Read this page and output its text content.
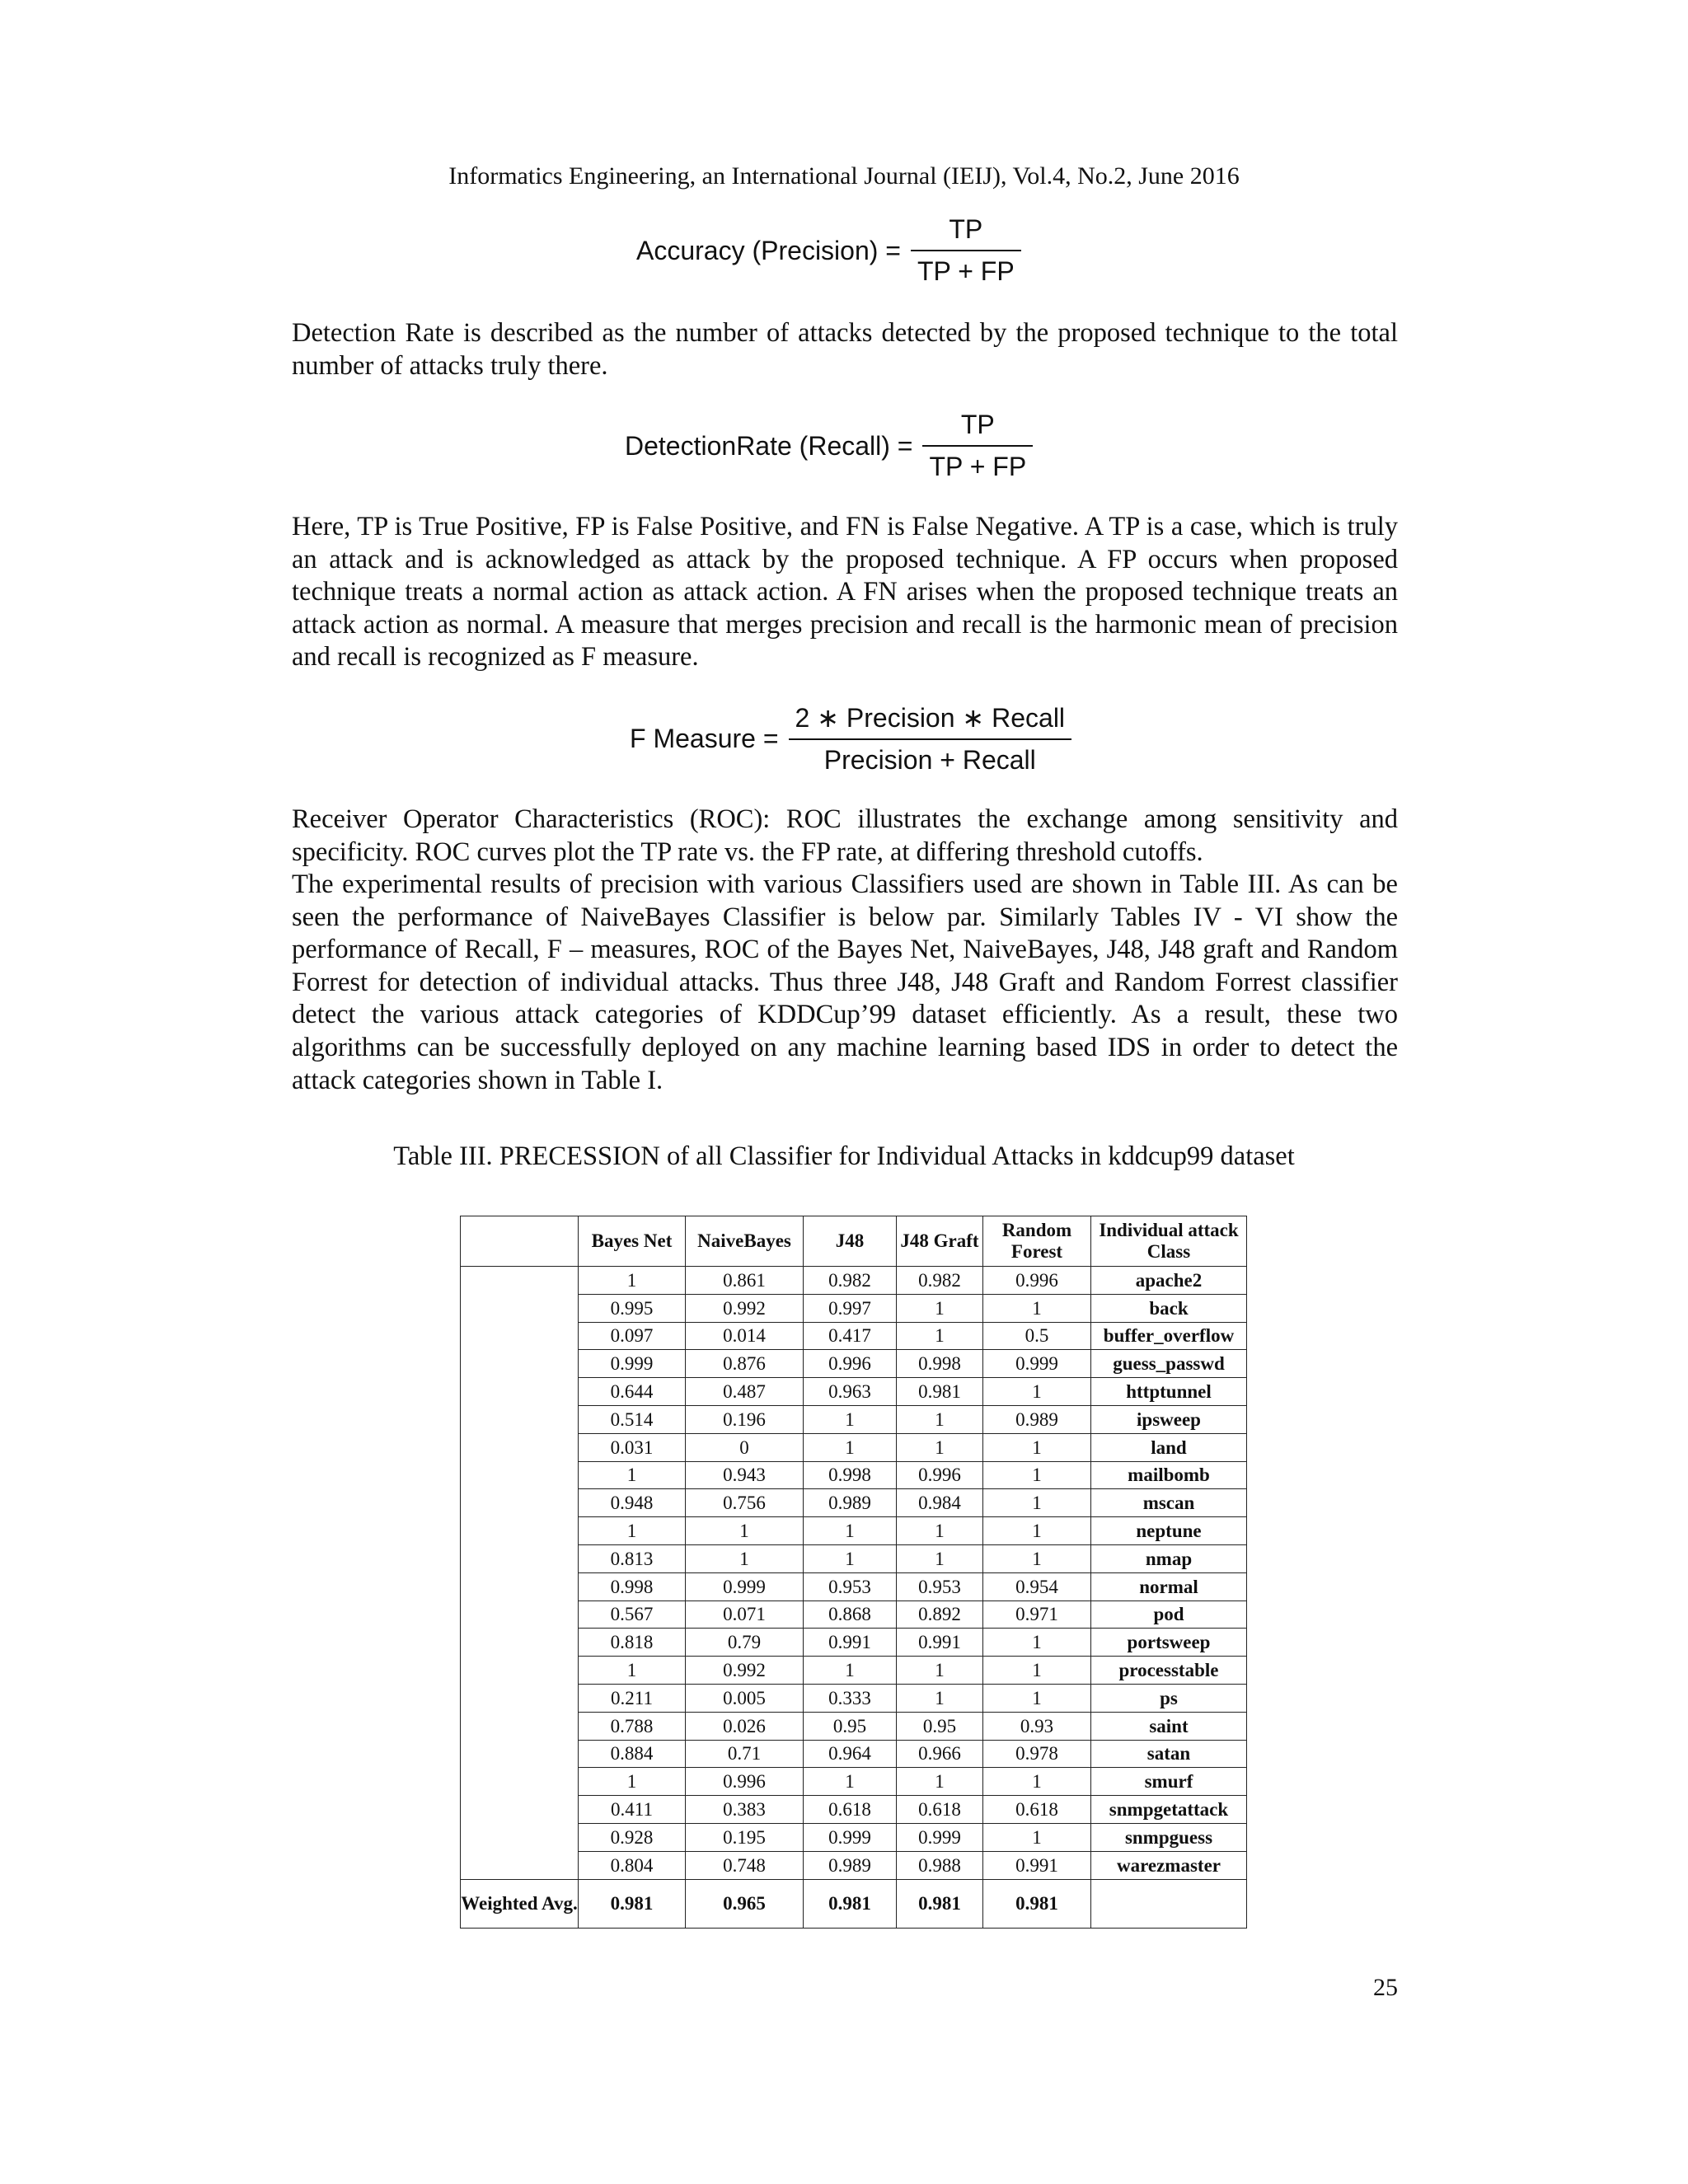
Informatics Engineering, an International Journal (IEIJ), Vol.4, No.2, June 2016
Accuracy (Precision) = $\frac{TP}{TP + FP}$
Detection Rate is described as the number of attacks detected by the proposed technique to the total number of attacks truly there.
DetectionRate (Recall) = $\frac{TP}{TP + FP}$
Here, TP is True Positive, FP is False Positive, and FN is False Negative. A TP is a case, which is truly an attack and is acknowledged as attack by the proposed technique. A FP occurs when proposed technique treats a normal action as attack action. A FN arises when the proposed technique treats an attack action as normal. A measure that merges precision and recall is the harmonic mean of precision and recall is recognized as F measure.
F Measure = $\frac{\text{2 ∗ Precision ∗ Recall}}{\text{Precision + Recall}}$
Receiver Operator Characteristics (ROC): ROC illustrates the exchange among sensitivity and specificity. ROC curves plot the TP rate vs. the FP rate, at differing threshold cutoffs.
The experimental results of precision with various Classifiers used are shown in Table III. As can be seen the performance of NaiveBayes Classifier is below par. Similarly Tables IV - VI show the performance of Recall, F – measures, ROC of the Bayes Net, NaiveBayes, J48, J48 graft and Random Forrest for detection of individual attacks. Thus three J48, J48 Graft and Random Forrest classifier detect the various attack categories of KDDCup’99 dataset efficiently. As a result, these two algorithms can be successfully deployed on any machine learning based IDS in order to detect the attack categories shown in Table I.
Table III. PRECESSION of all Classifier for Individual Attacks in kddcup99 dataset
	Bayes Net	NaiveBayes	J48	J48 Graft	Random Forest	Individual attack Class
	1	0.861	0.982	0.982	0.996	apache2
	0.995	0.992	0.997	1	1	back
	0.097	0.014	0.417	1	0.5	buffer_overflow
	0.999	0.876	0.996	0.998	0.999	guess_passwd
	0.644	0.487	0.963	0.981	1	httptunnel
	0.514	0.196	1	1	0.989	ipsweep
	0.031	0	1	1	1	land
	1	0.943	0.998	0.996	1	mailbomb
	0.948	0.756	0.989	0.984	1	mscan
	1	1	1	1	1	neptune
	0.813	1	1	1	1	nmap
	0.998	0.999	0.953	0.953	0.954	normal
	0.567	0.071	0.868	0.892	0.971	pod
	0.818	0.79	0.991	0.991	1	portsweep
	1	0.992	1	1	1	processtable
	0.211	0.005	0.333	1	1	ps
	0.788	0.026	0.95	0.95	0.93	saint
	0.884	0.71	0.964	0.966	0.978	satan
	1	0.996	1	1	1	smurf
	0.411	0.383	0.618	0.618	0.618	snmpgetattack
	0.928	0.195	0.999	0.999	1	snmpguess
	0.804	0.748	0.989	0.988	0.991	warezmaster
Weighted Avg.	0.981	0.965	0.981	0.981	0.981	
25
